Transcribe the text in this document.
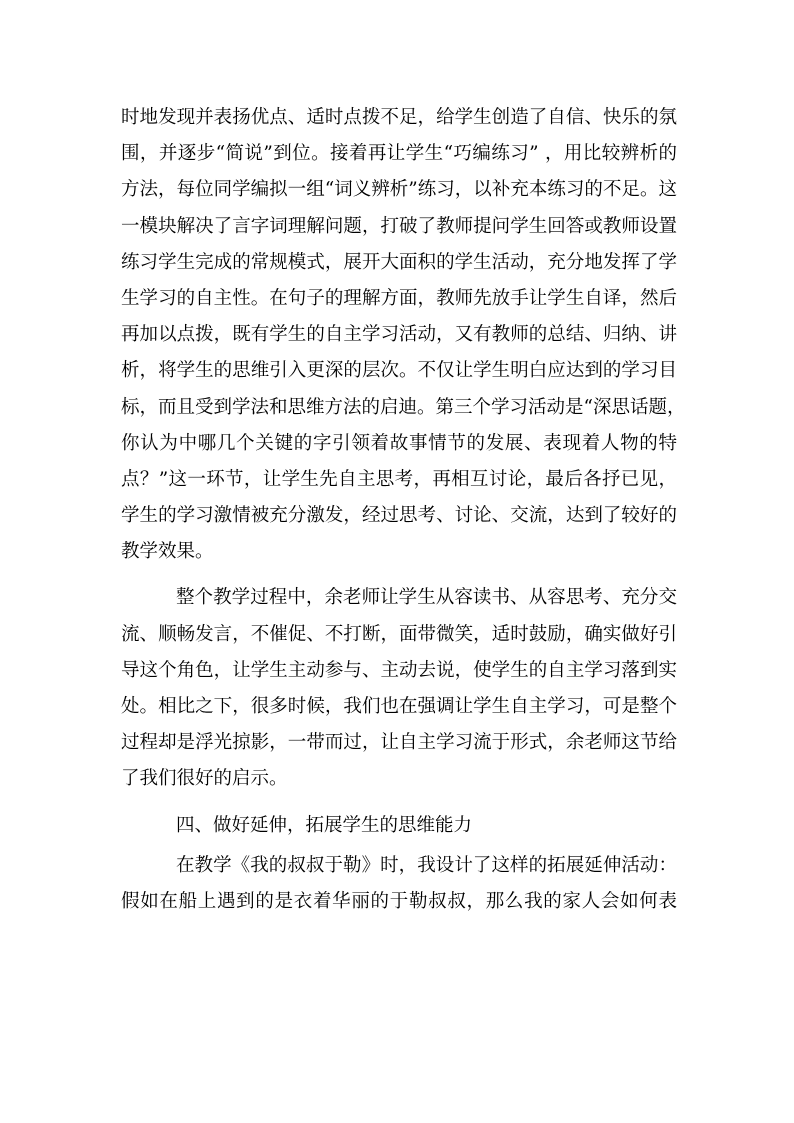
时地发现并表扬优点、适时点拨不足，给学生创造了自信、快乐的氛
围，并逐步“简说”到位。接着再让学生“巧编练习” ，用比较辨析的
方法，每位同学编拟一组“词义辨析”练习，以补充本练习的不足。这
一模块解决了言字词理解问题，打破了教师提问学生回答或教师设置
练习学生完成的常规模式，展开大面积的学生活动，充分地发挥了学
生学习的自主性。在句子的理解方面，教师先放手让学生自译，然后
再加以点拨，既有学生的自主学习活动，又有教师的总结、归纳、讲
析，将学生的思维引入更深的层次。不仅让学生明白应达到的学习目
标，而且受到学法和思维方法的启迪。第三个学习活动是“深思话题，
你认为中哪几个关键的字引领着故事情节的发展、表现着人物的特
点？”这一环节，让学生先自主思考，再相互讨论，最后各抒已见，
学生的学习激情被充分激发，经过思考、讨论、交流，达到了较好的
教学效果。
整个教学过程中，余老师让学生从容读书、从容思考、充分交
流、顺畅发言，不催促、不打断，面带微笑，适时鼓励，确实做好引
导这个角色，让学生主动参与、主动去说，使学生的自主学习落到实
处。相比之下，很多时候，我们也在强调让学生自主学习，可是整个
过程却是浮光掠影，一带而过，让自主学习流于形式，余老师这节给
了我们很好的启示。
四、做好延伸，拓展学生的思维能力
在教学《我的叔叔于勒》时，我设计了这样的拓展延伸活动：
假如在船上遇到的是衣着华丽的于勒叔叔，那么我的家人会如何表
